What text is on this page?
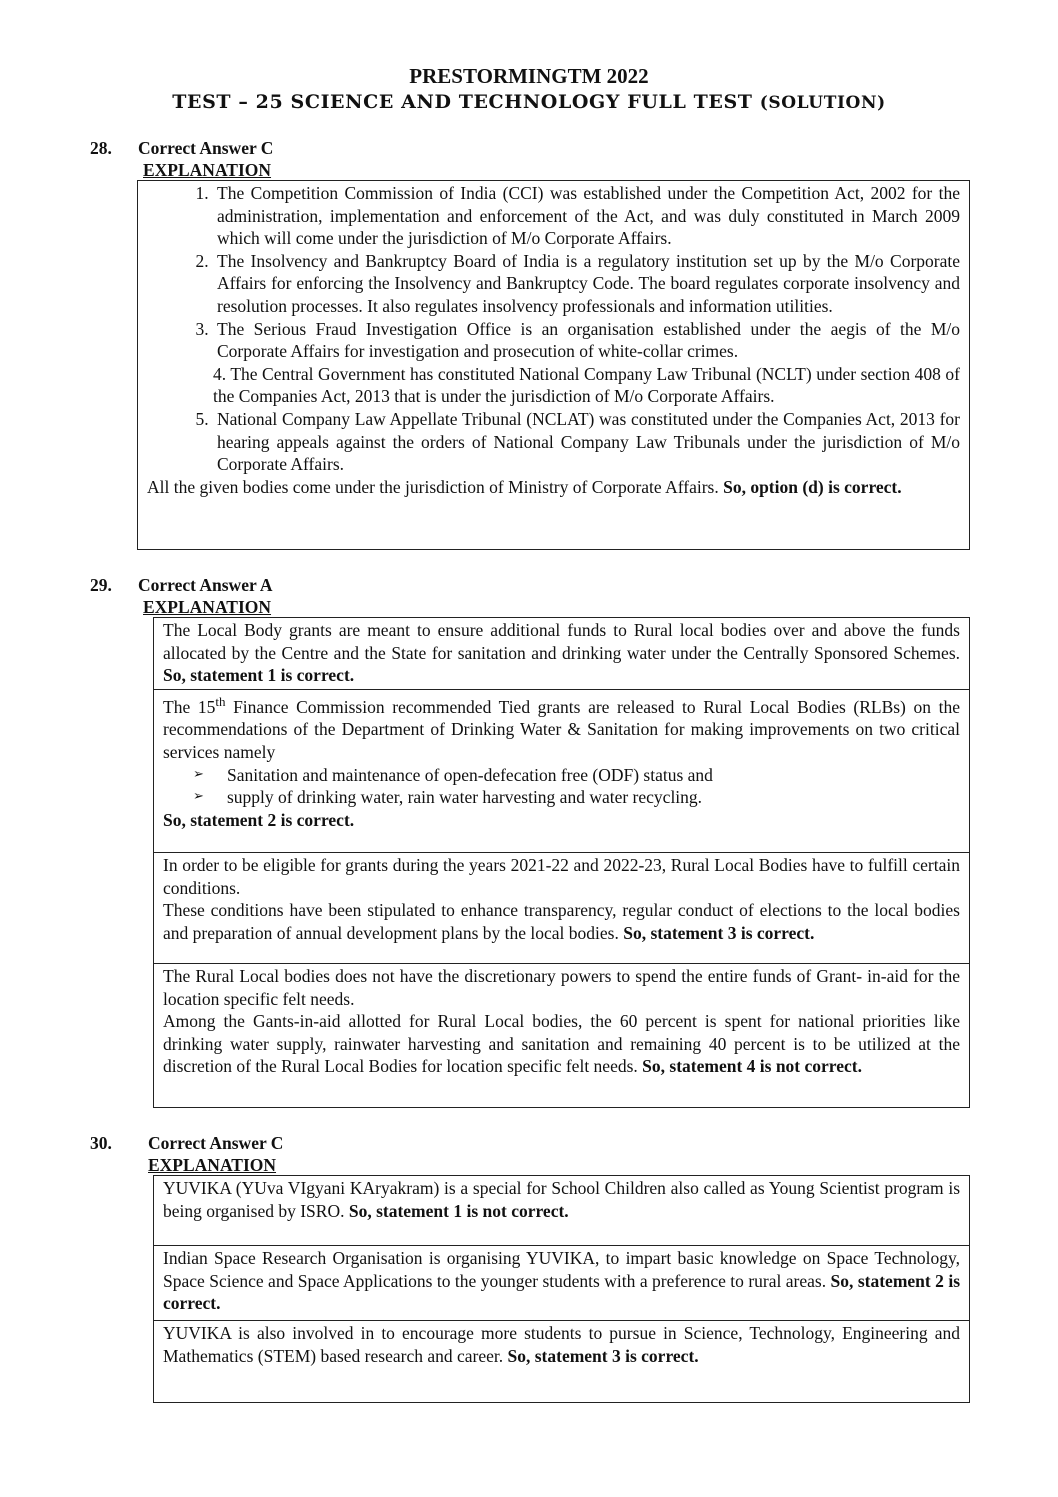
PRESTORMINGTM 2022
TEST – 25 SCIENCE AND TECHNOLOGY FULL TEST (SOLUTION)
28. Correct Answer C
EXPLANATION
1. The Competition Commission of India (CCI) was established under the Competition Act, 2002 for the administration, implementation and enforcement of the Act, and was duly constituted in March 2009 which will come under the jurisdiction of M/o Corporate Affairs.
2. The Insolvency and Bankruptcy Board of India is a regulatory institution set up by the M/o Corporate Affairs for enforcing the Insolvency and Bankruptcy Code. The board regulates corporate insolvency and resolution processes. It also regulates insolvency professionals and information utilities.
3. The Serious Fraud Investigation Office is an organisation established under the aegis of the M/o Corporate Affairs for investigation and prosecution of white-collar crimes.
4. The Central Government has constituted National Company Law Tribunal (NCLT) under section 408 of the Companies Act, 2013 that is under the jurisdiction of M/o Corporate Affairs.
5. National Company Law Appellate Tribunal (NCLAT) was constituted under the Companies Act, 2013 for hearing appeals against the orders of National Company Law Tribunals under the jurisdiction of M/o Corporate Affairs.
All the given bodies come under the jurisdiction of Ministry of Corporate Affairs. So, option (d) is correct.
29. Correct Answer A
EXPLANATION
The Local Body grants are meant to ensure additional funds to Rural local bodies over and above the funds allocated by the Centre and the State for sanitation and drinking water under the Centrally Sponsored Schemes. So, statement 1 is correct.
The 15th Finance Commission recommended Tied grants are released to Rural Local Bodies (RLBs) on the recommendations of the Department of Drinking Water & Sanitation for making improvements on two critical services namely
➢ Sanitation and maintenance of open-defecation free (ODF) status and
➢ supply of drinking water, rain water harvesting and water recycling.
So, statement 2 is correct.
In order to be eligible for grants during the years 2021-22 and 2022-23, Rural Local Bodies have to fulfill certain conditions.
These conditions have been stipulated to enhance transparency, regular conduct of elections to the local bodies and preparation of annual development plans by the local bodies. So, statement 3 is correct.
The Rural Local bodies does not have the discretionary powers to spend the entire funds of Grant- in-aid for the location specific felt needs.
Among the Gants-in-aid allotted for Rural Local bodies, the 60 percent is spent for national priorities like drinking water supply, rainwater harvesting and sanitation and remaining 40 percent is to be utilized at the discretion of the Rural Local Bodies for location specific felt needs. So, statement 4 is not correct.
30. Correct Answer C
EXPLANATION
YUVIKA (YUva VIgyani KAryakram) is a special for School Children also called as Young Scientist program is being organised by ISRO. So, statement 1 is not correct.
Indian Space Research Organisation is organising YUVIKA, to impart basic knowledge on Space Technology, Space Science and Space Applications to the younger students with a preference to rural areas. So, statement 2 is correct.
YUVIKA is also involved in to encourage more students to pursue in Science, Technology, Engineering and Mathematics (STEM) based research and career. So, statement 3 is correct.
